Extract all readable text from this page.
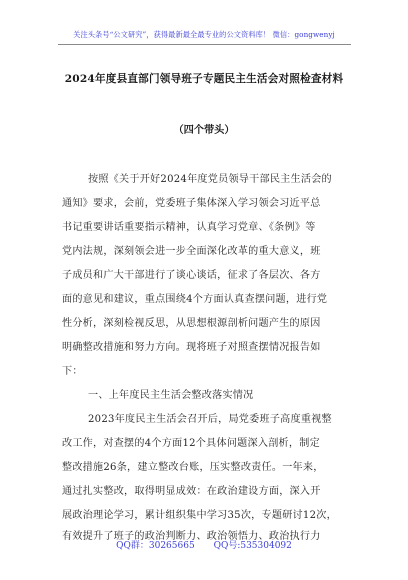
关注头条号“公文研究”，获得最新最全最专业的公文资料库！ 微信：gongwenyj
2024年度县直部门领导班子专题民主生活会对照检查材料
（四个带头）
按照《关于开好2024年度党员领导干部民主生活会的
通知》要求，会前，党委班子集体深入学习领会习近平总
书记重要讲话重要指示精神，认真学习党章、《条例》等
党内法规，深刻领会进一步全面深化改革的重大意义，班
子成员和广大干部进行了谈心谈话，征求了各层次、各方
面的意见和建议，重点围绕4个方面认真查摆问题，进行党
性分析，深刻检视反思，从思想根源剖析问题产生的原因
明确整改措施和努力方向。现将班子对照查摆情况报告如
下：
一、上年度民主生活会整改落实情况
2023年度民主生活会召开后，局党委班子高度重视整
改工作，对查摆的4个方面12个具体问题深入剖析，制定
整改措施26条，建立整改台账，压实整改责任。一年来，
通过扎实整改，取得明显成效：在政治建设方面，深入开
展政治理论学习，累计组织集中学习35次，专题研讨12次，
有效提升了班子的政治判断力、政治领悟力、政治执行力
QQ群：30265665 QQ号:535304092
